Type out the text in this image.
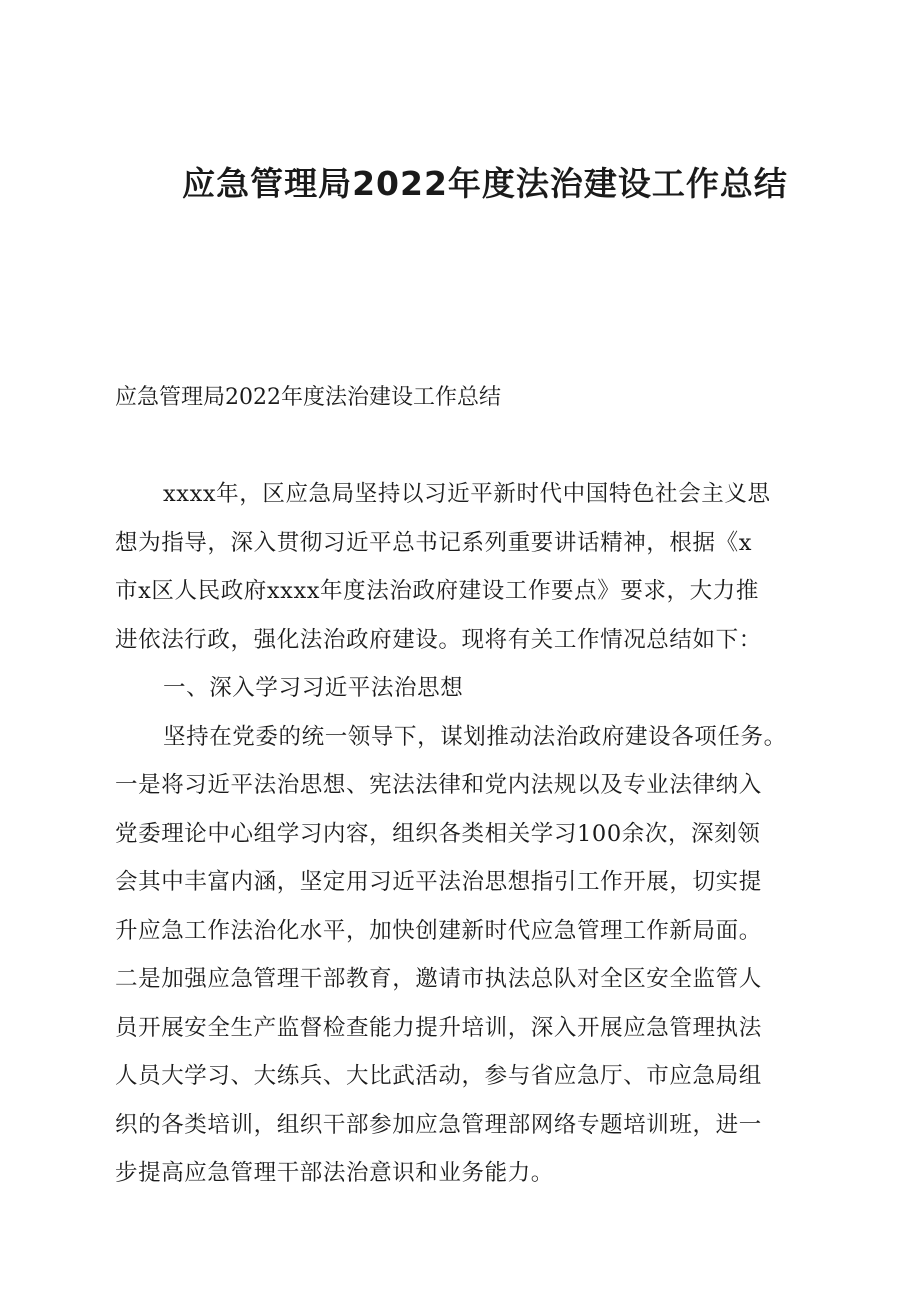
应急管理局2022年度法治建设工作总结
应急管理局2022年度法治建设工作总结
xxxx年，区应急局坚持以习近平新时代中国特色社会主义思
想为指导，深入贯彻习近平总书记系列重要讲话精神，根据《x
市x区人民政府xxxx年度法治政府建设工作要点》要求，大力推
进依法行政，强化法治政府建设。现将有关工作情况总结如下：
一、深入学习习近平法治思想
坚持在党委的统一领导下，谋划推动法治政府建设各项任务。
一是将习近平法治思想、宪法法律和党内法规以及专业法律纳入
党委理论中心组学习内容，组织各类相关学习100余次，深刻领
会其中丰富内涵，坚定用习近平法治思想指引工作开展，切实提
升应急工作法治化水平，加快创建新时代应急管理工作新局面。
二是加强应急管理干部教育，邀请市执法总队对全区安全监管人
员开展安全生产监督检查能力提升培训，深入开展应急管理执法
人员大学习、大练兵、大比武活动，参与省应急厅、市应急局组
织的各类培训，组织干部参加应急管理部网络专题培训班，进一
步提高应急管理干部法治意识和业务能力。
